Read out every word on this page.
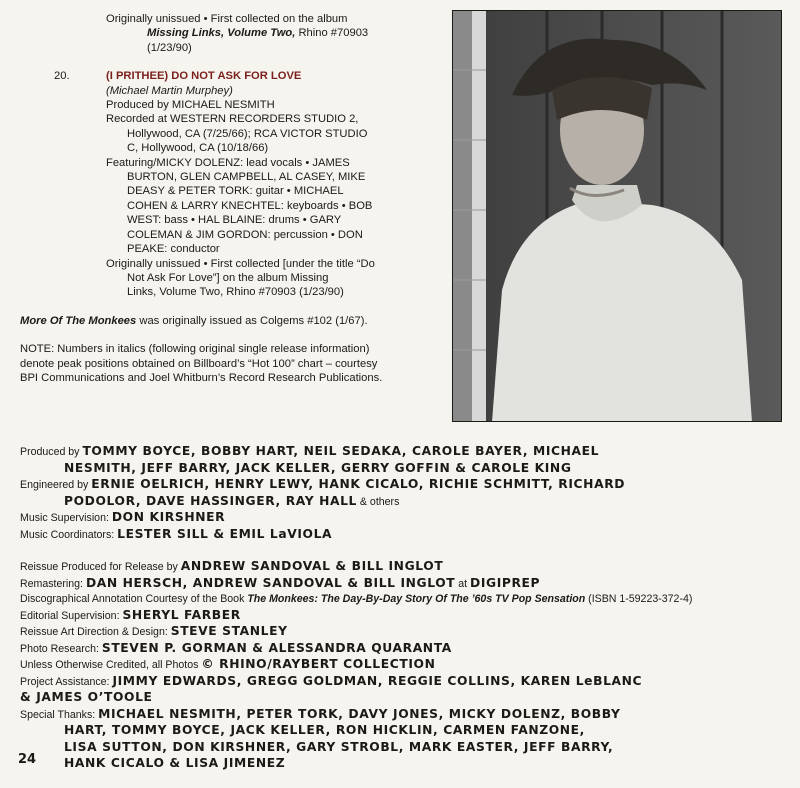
Originally unissued • First collected on the album
Missing Links, Volume Two, Rhino #70903
(1/23/90)
20.	(I PRITHEE) DO NOT ASK FOR LOVE
(Michael Martin Murphey)
Produced by MICHAEL NESMITH

Recorded at WESTERN RECORDERS STUDIO 2,
Hollywood, CA (7/25/66); RCA VICTOR STUDIO
C, Hollywood, CA (10/18/66)

Featuring/MICKY DOLENZ: lead vocals • JAMES
BURTON, GLEN CAMPBELL, AL CASEY, MIKE
DEASY & PETER TORK: guitar • MICHAEL
COHEN & LARRY KNECHTEL: keyboards • BOB
WEST: bass • HAL BLAINE: drums • GARY
COLEMAN & JIM GORDON: percussion • DON
PEAKE: conductor

Originally unissued • First collected [under the title “Do
Not Ask For Love”] on the album Missing
Links, Volume Two, Rhino #70903 (1/23/90)

More Of The Monkees was originally issued as Colgems #102 (1/67).

NOTE: Numbers in italics (following original single release information)
denote peak positions obtained on Billboard’s “Hot 100” chart – courtesy
BPI Communications and Joel Whitburn’s Record Research Publications.

Produced by TOMMY BOYCE, BOBBY HART, NEIL SEDAKA, CAROLE BAYER, MICHAEL
NESMITH, JEFF BARRY, JACK KELLER, GERRY GOFFIN & CAROLE KING
Engineered by ERNIE OELRICH, HENRY LEWY, HANK CICALO, RICHIE SCHMITT, RICHARD
PODOLOR, DAVE HASSINGER, RAY HALL & others
Music Supervision: DON KIRSHNER
Music Coordinators: LESTER SILL & EMIL LaVIOLA
Reissue Produced for Release by ANDREW SANDOVAL & BILL INGLOT
Remastering: DAN HERSCH, ANDREW SANDOVAL & BILL INGLOT at DIGIPREP
Discographical Annotation Courtesy of the Book The Monkees: The Day-By-Day Story Of The ’60s TV Pop Sensation (ISBN 1-59223-372-4)
Editorial Supervision: SHERYL FARBER
Reissue Art Direction & Design: STEVE STANLEY
Photo Research: STEVEN P. GORMAN & ALESSANDRA QUARANTA
Unless Otherwise Credited, all Photos © RHINO/RAYBERT COLLECTION
Project Assistance: JIMMY EDWARDS, GREGG GOLDMAN, REGGIE COLLINS, KAREN LeBLANC
& JAMES O’TOOLE
Special Thanks: MICHAEL NESMITH, PETER TORK, DAVY JONES, MICKY DOLENZ, BOBBY
HART, TOMMY BOYCE, JACK KELLER, RON HICKLIN, CARMEN FANZONE,
LISA SUTTON, DON KIRSHNER, GARY STROBL, MARK EASTER, JEFF BARRY,
HANK CICALO & LISA JIMENEZ
24
